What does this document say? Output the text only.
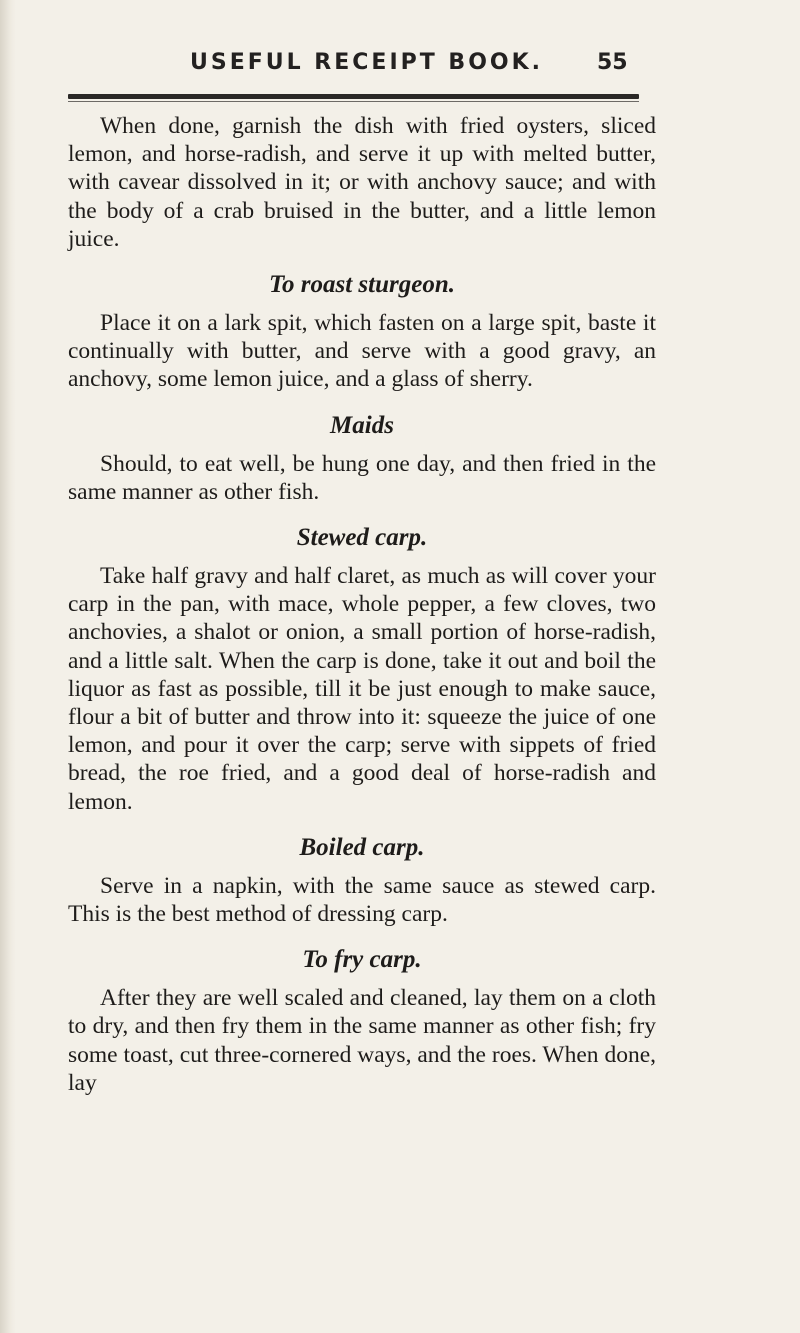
USEFUL RECEIPT BOOK. 55

When done, garnish the dish with fried oysters, sliced lemon, and horse-radish, and serve it up with melted butter, with cavear dissolved in it; or with anchovy sauce; and with the body of a crab bruised in the butter, and a little lemon juice.

To roast sturgeon.

Place it on a lark spit, which fasten on a large spit, baste it continually with butter, and serve with a good gravy, an anchovy, some lemon juice, and a glass of sherry.

Maids

Should, to eat well, be hung one day, and then fried in the same manner as other fish.

Stewed carp.

Take half gravy and half claret, as much as will cover your carp in the pan, with mace, whole pepper, a few cloves, two anchovies, a shalot or onion, a small portion of horse-radish, and a little salt. When the carp is done, take it out and boil the liquor as fast as possible, till it be just enough to make sauce, flour a bit of butter and throw into it: squeeze the juice of one lemon, and pour it over the carp; serve with sippets of fried bread, the roe fried, and a good deal of horse-radish and lemon.

Boiled carp.

Serve in a napkin, with the same sauce as stewed carp. This is the best method of dressing carp.

To fry carp.

After they are well scaled and cleaned, lay them on a cloth to dry, and then fry them in the same manner as other fish; fry some toast, cut three-cornered ways, and the roes. When done, lay
